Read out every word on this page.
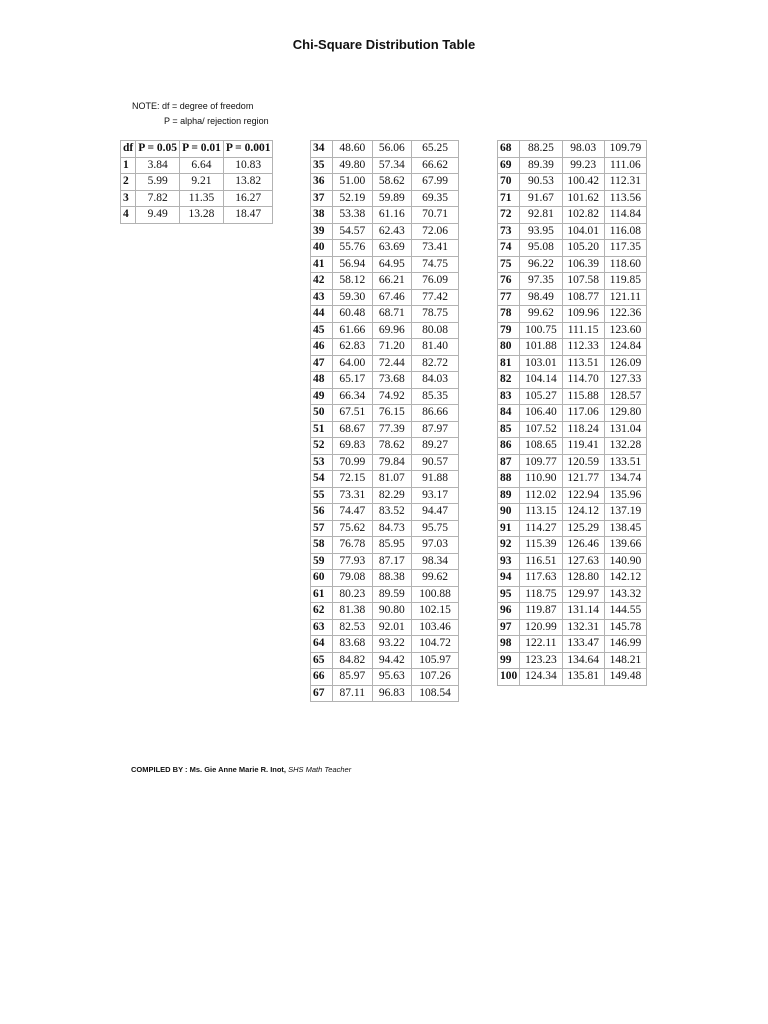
Chi-Square Distribution Table
NOTE: df = degree of freedom
P = alpha/ rejection region
df	P = 0.05	P = 0.01	P = 0.001
1	3.84	6.64	10.83
2	5.99	9.21	13.82
3	7.82	11.35	16.27
4	9.49	13.28	18.47
34	48.60	56.06	65.25
35	49.80	57.34	66.62
36	51.00	58.62	67.99
37	52.19	59.89	69.35
38	53.38	61.16	70.71
39	54.57	62.43	72.06
40	55.76	63.69	73.41
41	56.94	64.95	74.75
42	58.12	66.21	76.09
43	59.30	67.46	77.42
44	60.48	68.71	78.75
45	61.66	69.96	80.08
46	62.83	71.20	81.40
47	64.00	72.44	82.72
48	65.17	73.68	84.03
49	66.34	74.92	85.35
50	67.51	76.15	86.66
51	68.67	77.39	87.97
52	69.83	78.62	89.27
53	70.99	79.84	90.57
54	72.15	81.07	91.88
55	73.31	82.29	93.17
56	74.47	83.52	94.47
57	75.62	84.73	95.75
58	76.78	85.95	97.03
59	77.93	87.17	98.34
60	79.08	88.38	99.62
61	80.23	89.59	100.88
62	81.38	90.80	102.15
63	82.53	92.01	103.46
64	83.68	93.22	104.72
65	84.82	94.42	105.97
66	85.97	95.63	107.26
67	87.11	96.83	108.54
68	88.25	98.03	109.79
69	89.39	99.23	111.06
70	90.53	100.42	112.31
71	91.67	101.62	113.56
72	92.81	102.82	114.84
73	93.95	104.01	116.08
74	95.08	105.20	117.35
75	96.22	106.39	118.60
76	97.35	107.58	119.85
77	98.49	108.77	121.11
78	99.62	109.96	122.36
79	100.75	111.15	123.60
80	101.88	112.33	124.84
81	103.01	113.51	126.09
82	104.14	114.70	127.33
83	105.27	115.88	128.57
84	106.40	117.06	129.80
85	107.52	118.24	131.04
86	108.65	119.41	132.28
87	109.77	120.59	133.51
88	110.90	121.77	134.74
89	112.02	122.94	135.96
90	113.15	124.12	137.19
91	114.27	125.29	138.45
92	115.39	126.46	139.66
93	116.51	127.63	140.90
94	117.63	128.80	142.12
95	118.75	129.97	143.32
96	119.87	131.14	144.55
97	120.99	132.31	145.78
98	122.11	133.47	146.99
99	123.23	134.64	148.21
100	124.34	135.81	149.48
COMPILED BY : Ms. Gie Anne Marie R. Inot, SHS Math Teacher
